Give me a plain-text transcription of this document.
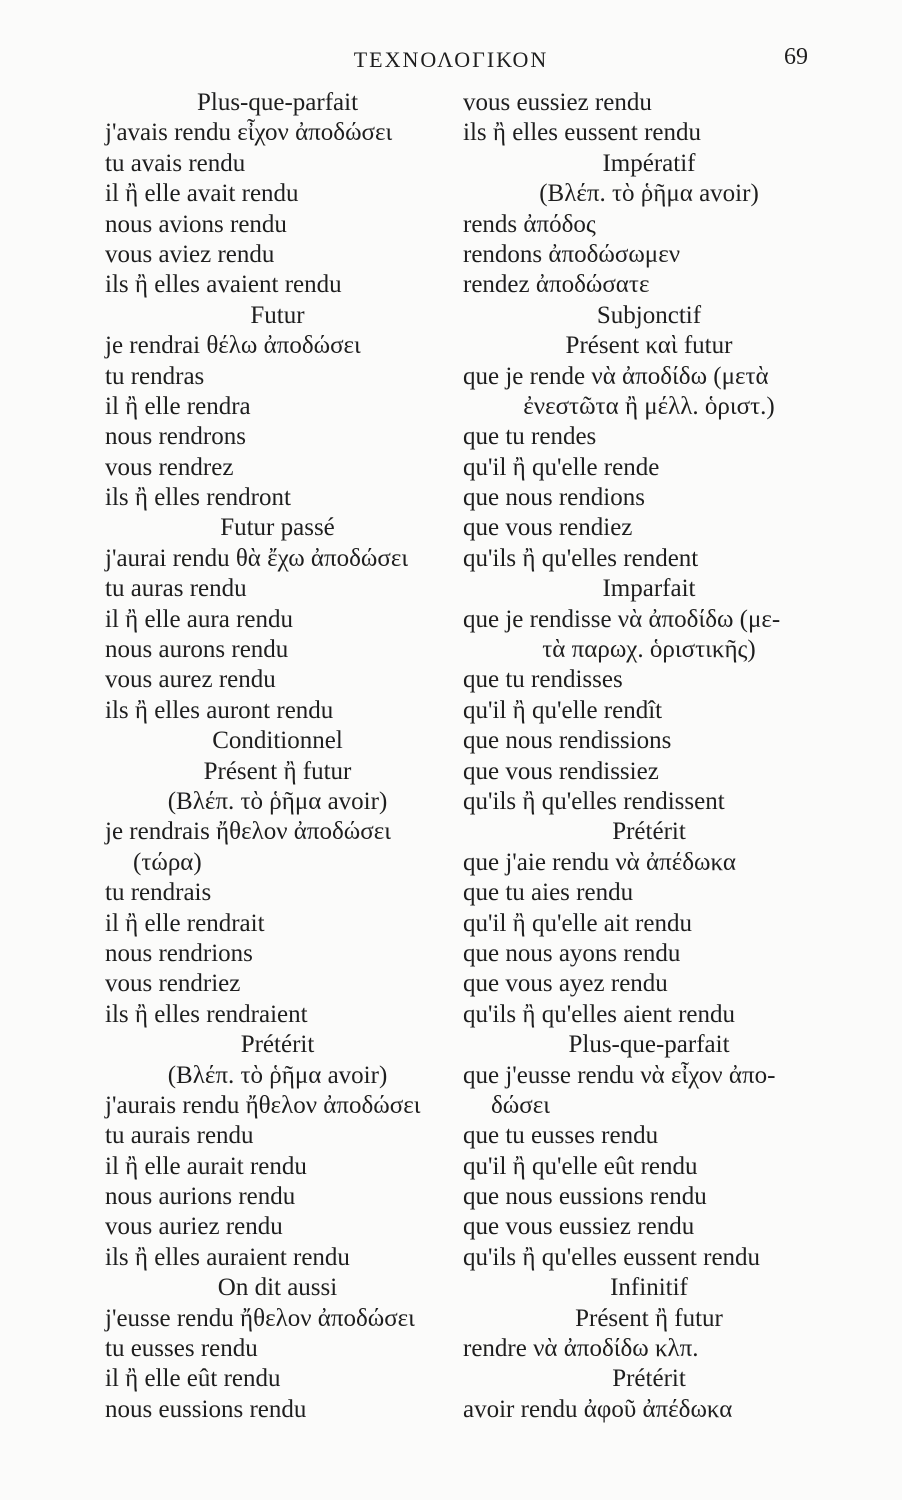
ΤΕΧΝΟΛΟΓΙΚΟΝ	69
Plus-que-parfait
j'avais rendu εἶχον ἀποδώσει
tu avais rendu
il ἢ elle avait rendu
nous avions rendu
vous aviez rendu
ils ἢ elles avaient rendu
Futur
je rendrai θέλω ἀποδώσει
tu rendras
il ἢ elle rendra
nous rendrons
vous rendrez
ils ἢ elles rendront
Futur passé
j'aurai rendu θὰ ἔχω ἀποδώσει
tu auras rendu
il ἢ elle aura rendu
nous aurons rendu
vous aurez rendu
ils ἢ elles auront rendu
Conditionnel
Présent ἢ futur
(Βλέπ. τὸ ῥῆμα avoir)
je rendrais ἤθελον ἀποδώσει
(τώρα)
tu rendrais
il ἢ elle rendrait
nous rendrions
vous rendriez
ils ἢ elles rendraient
Prétérit
(Βλέπ. τὸ ῥῆμα avoir)
j'aurais rendu ἤθελον ἀποδώσει
tu aurais rendu
il ἢ elle aurait rendu
nous aurions rendu
vous auriez rendu
ils ἢ elles auraient rendu
On dit aussi
j'eusse rendu ἤθελον ἀποδώσει
tu eusses rendu
il ἢ elle eût rendu
nous eussions rendu
vous eussiez rendu
ils ἢ elles eussent rendu
Impératif
(Βλέπ. τὸ ῥῆμα avoir)
rends ἀπόδος
rendons ἀποδώσωμεν
rendez ἀποδώσατε
Subjonctif
Présent καὶ futur
que je rende νὰ ἀποδίδω (μετὰ
ἐνεστῶτα ἢ μέλλ. ὁριστ.)
que tu rendes
qu'il ἢ qu'elle rende
que nous rendions
que vous rendiez
qu'ils ἢ qu'elles rendent
Imparfait
que je rendisse νὰ ἀποδίδω (με-
τὰ παρωχ. ὁριστικῆς)
que tu rendisses
qu'il ἢ qu'elle rendît
que nous rendissions
que vous rendissiez
qu'ils ἢ qu'elles rendissent
Prétérit
que j'aie rendu νὰ ἀπέδωκα
que tu aies rendu
qu'il ἢ qu'elle ait rendu
que nous ayons rendu
que vous ayez rendu
qu'ils ἢ qu'elles aient rendu
Plus-que-parfait
que j'eusse rendu νὰ εἶχον ἀπο-
δώσει
que tu eusses rendu
qu'il ἢ qu'elle eût rendu
que nous eussions rendu
que vous eussiez rendu
qu'ils ἢ qu'elles eussent rendu
Infinitif
Présent ἢ futur
rendre νὰ ἀποδίδω κλπ.
Prétérit
avoir rendu ἀφοῦ ἀπέδωκα
